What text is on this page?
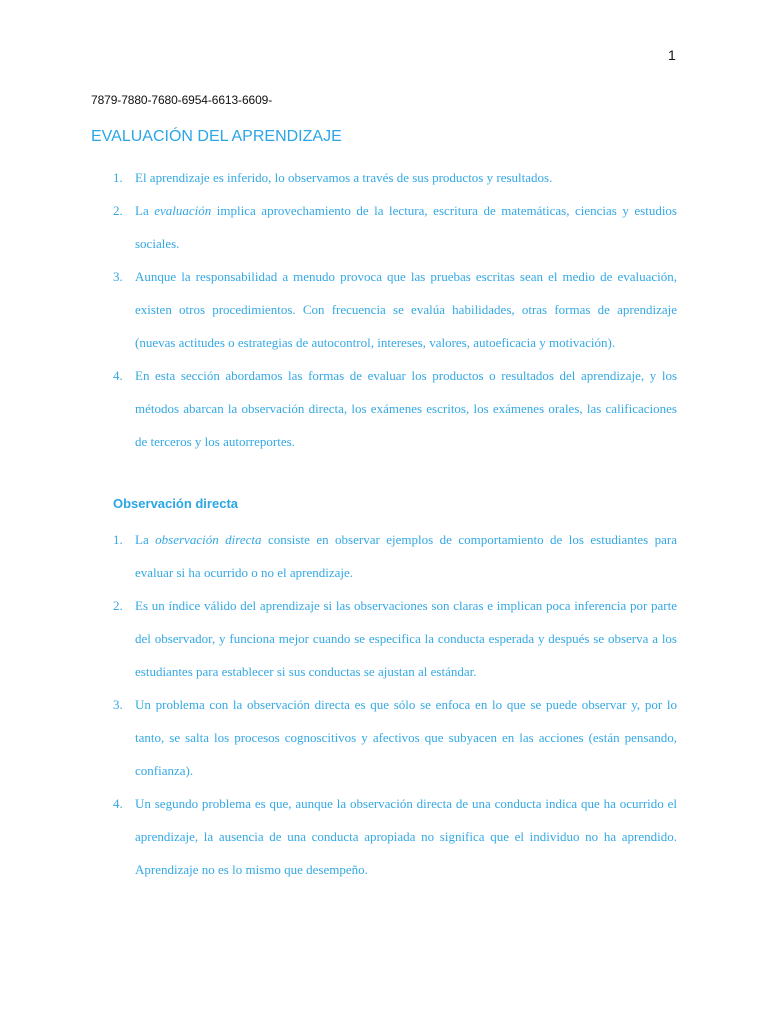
1
7879-7880-7680-6954-6613-6609-
EVALUACIÓN DEL APRENDIZAJE
1. El aprendizaje es inferido, lo observamos a través de sus productos y resultados.
2. La evaluación implica aprovechamiento de la lectura, escritura de matemáticas, ciencias y estudios sociales.
3. Aunque la responsabilidad a menudo provoca que las pruebas escritas sean el medio de evaluación, existen otros procedimientos. Con frecuencia se evalúa habilidades, otras formas de aprendizaje (nuevas actitudes o estrategias de autocontrol, intereses, valores, autoeficacia y motivación).
4. En esta sección abordamos las formas de evaluar los productos o resultados del aprendizaje, y los métodos abarcan la observación directa, los exámenes escritos, los exámenes orales, las calificaciones de terceros y los autorreportes.
Observación directa
1. La observación directa consiste en observar ejemplos de comportamiento de los estudiantes para evaluar si ha ocurrido o no el aprendizaje.
2. Es un índice válido del aprendizaje si las observaciones son claras e implican poca inferencia por parte del observador, y funciona mejor cuando se especifica la conducta esperada y después se observa a los estudiantes para establecer si sus conductas se ajustan al estándar.
3. Un problema con la observación directa es que sólo se enfoca en lo que se puede observar y, por lo tanto, se salta los procesos cognoscitivos y afectivos que subyacen en las acciones (están pensando, confianza).
4. Un segundo problema es que, aunque la observación directa de una conducta indica que ha ocurrido el aprendizaje, la ausencia de una conducta apropiada no significa que el individuo no ha aprendido. Aprendizaje no es lo mismo que desempeño.
